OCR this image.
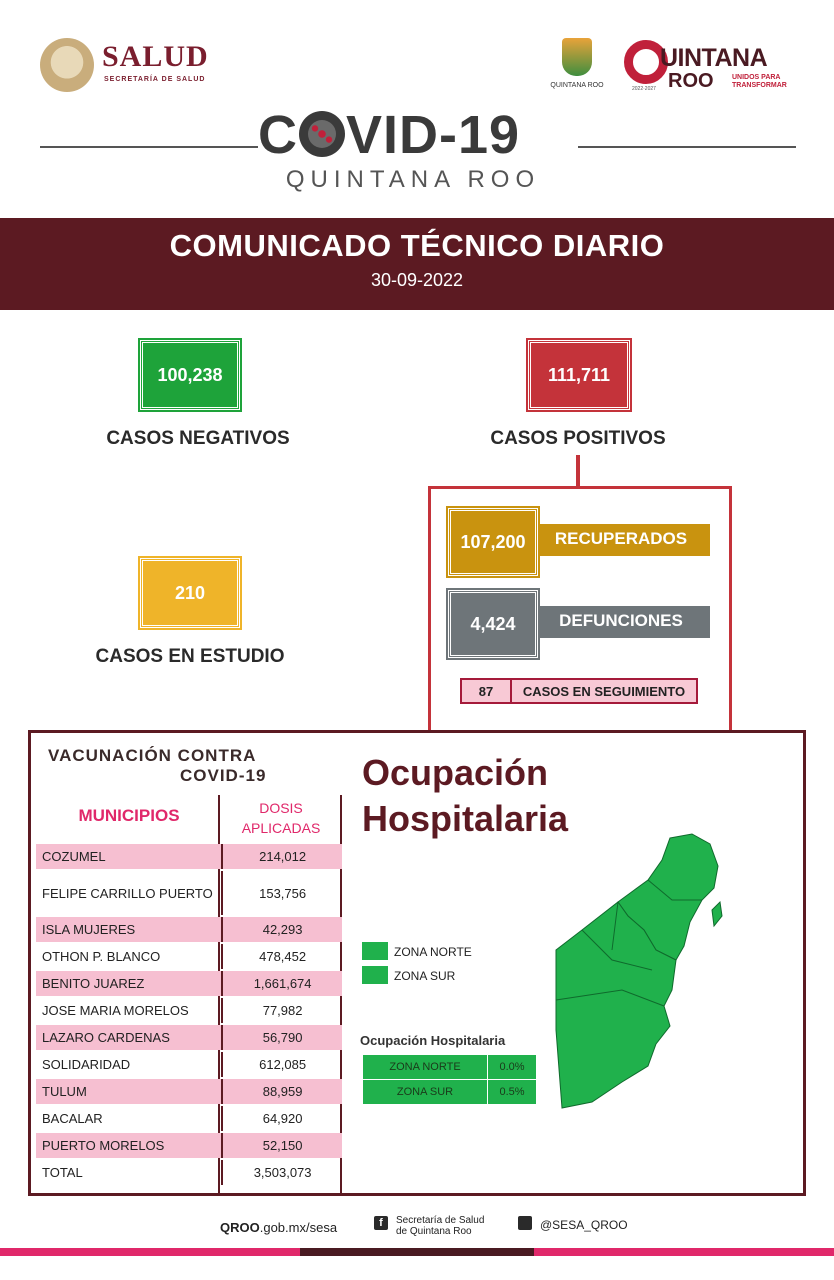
SALUD
SECRETARÍA DE SALUD
QUINTANA ROO
UINTANA
ROO	UNIDOS PARA TRANSFORMAR
2022·2027
C VID-19
QUINTANA ROO
COMUNICADO TÉCNICO DIARIO
30-09-2022
100,238
CASOS NEGATIVOS
111,711
CASOS POSITIVOS
210
CASOS EN ESTUDIO
107,200	RECUPERADOS
4,424	DEFUNCIONES
87	CASOS EN SEGUIMIENTO
VACUNACIÓN CONTRA
COVID-19
MUNICIPIOS	DOSIS
APLICADAS
COZUMEL	214,012
FELIPE CARRILLO PUERTO	153,756
ISLA MUJERES	42,293
OTHON P. BLANCO	478,452
BENITO JUAREZ	1,661,674
JOSE MARIA MORELOS	77,982
LAZARO CARDENAS	56,790
SOLIDARIDAD	612,085
TULUM	88,959
BACALAR	64,920
PUERTO MORELOS	52,150
TOTAL	3,503,073
Ocupación
Hospitalaria
ZONA NORTE
ZONA SUR
Ocupación Hospitalaria
ZONA NORTE	0.0%
ZONA SUR	0.5%
QROO.gob.mx/sesa	f	Secretaría de Salud
de Quintana Roo	@SESA_QROO
